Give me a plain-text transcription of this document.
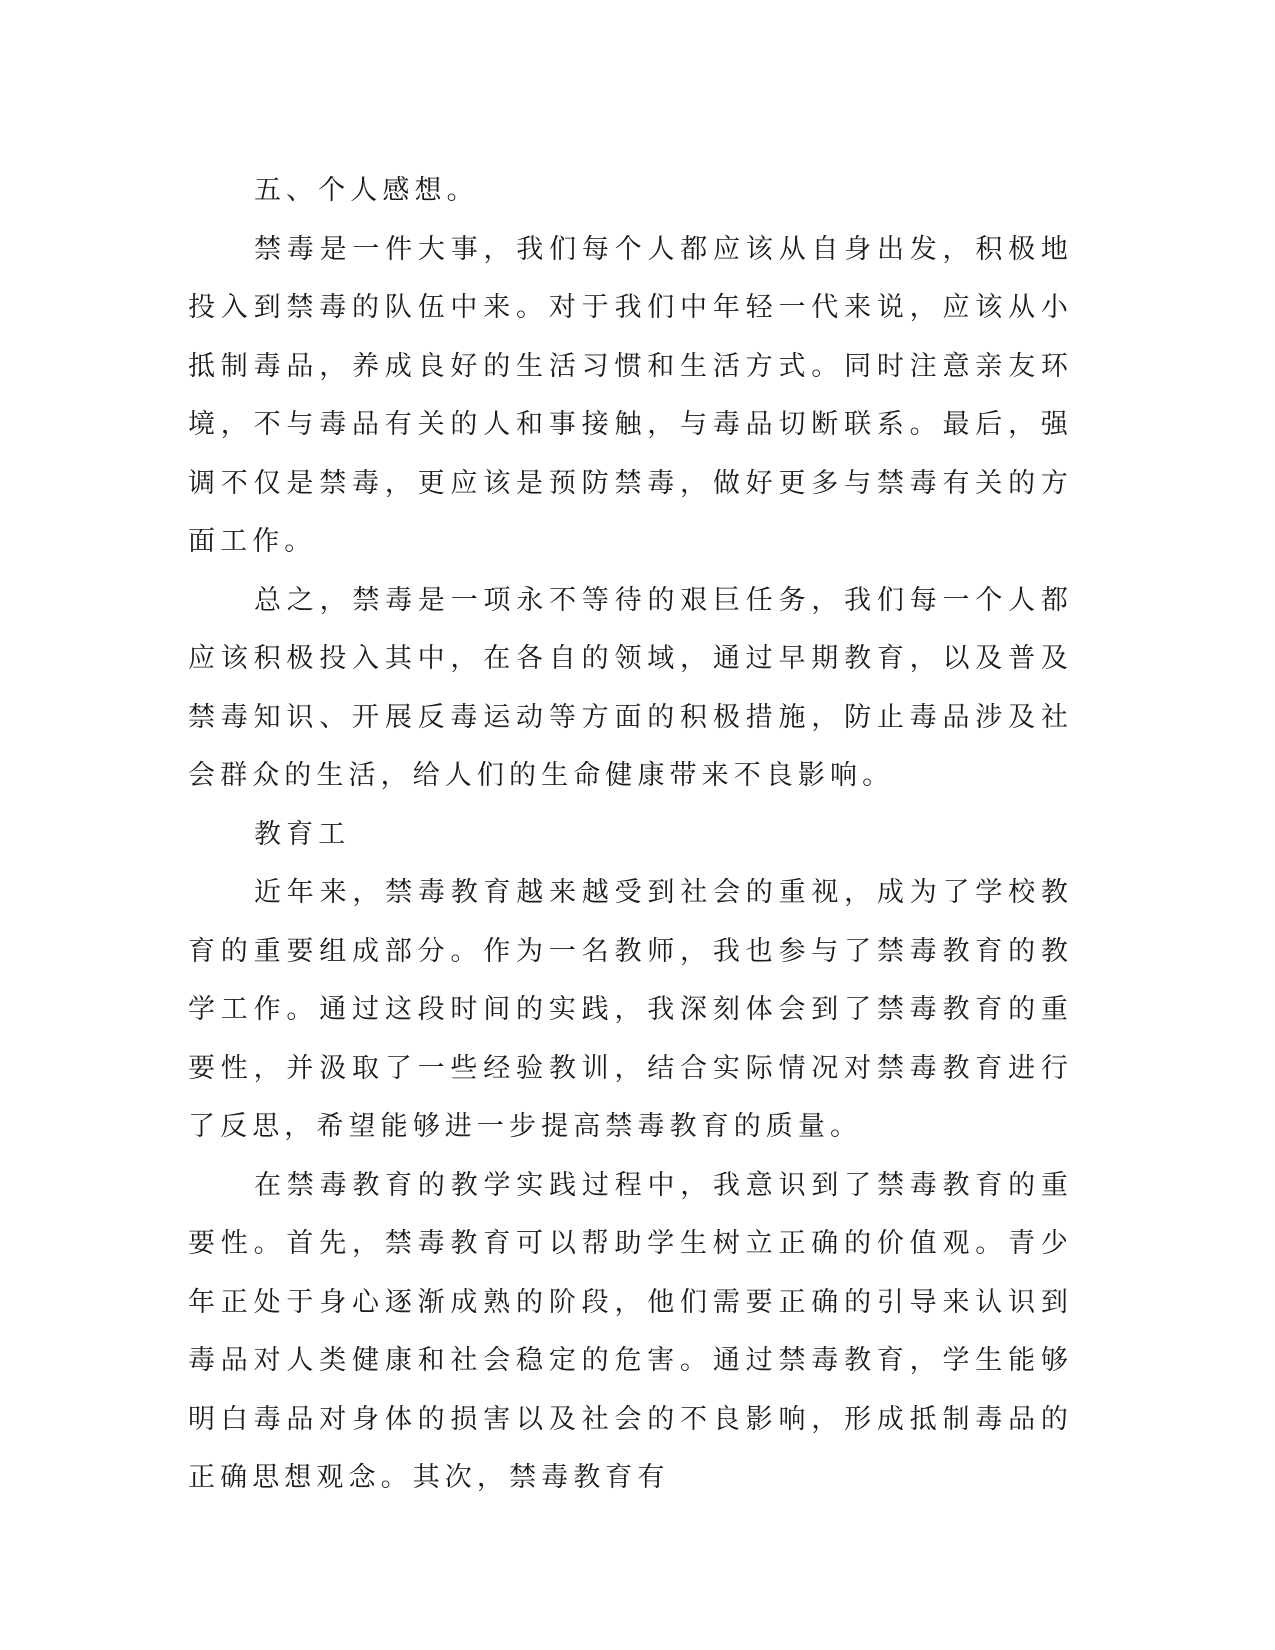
五、个人感想。

禁毒是一件大事，我们每个人都应该从自身出发，积极地投入到禁毒的队伍中来。对于我们中年轻一代来说，应该从小抵制毒品，养成良好的生活习惯和生活方式。同时注意亲友环境，不与毒品有关的人和事接触，与毒品切断联系。最后，强调不仅是禁毒，更应该是预防禁毒，做好更多与禁毒有关的方面工作。

总之，禁毒是一项永不等待的艰巨任务，我们每一个人都应该积极投入其中，在各自的领域，通过早期教育，以及普及禁毒知识、开展反毒运动等方面的积极措施，防止毒品涉及社会群众的生活，给人们的生命健康带来不良影响。

教育工

近年来，禁毒教育越来越受到社会的重视，成为了学校教育的重要组成部分。作为一名教师，我也参与了禁毒教育的教学工作。通过这段时间的实践，我深刻体会到了禁毒教育的重要性，并汲取了一些经验教训，结合实际情况对禁毒教育进行了反思，希望能够进一步提高禁毒教育的质量。

在禁毒教育的教学实践过程中，我意识到了禁毒教育的重要性。首先，禁毒教育可以帮助学生树立正确的价值观。青少年正处于身心逐渐成熟的阶段，他们需要正确的引导来认识到毒品对人类健康和社会稳定的危害。通过禁毒教育，学生能够明白毒品对身体的损害以及社会的不良影响，形成抵制毒品的正确思想观念。其次，禁毒教育有
